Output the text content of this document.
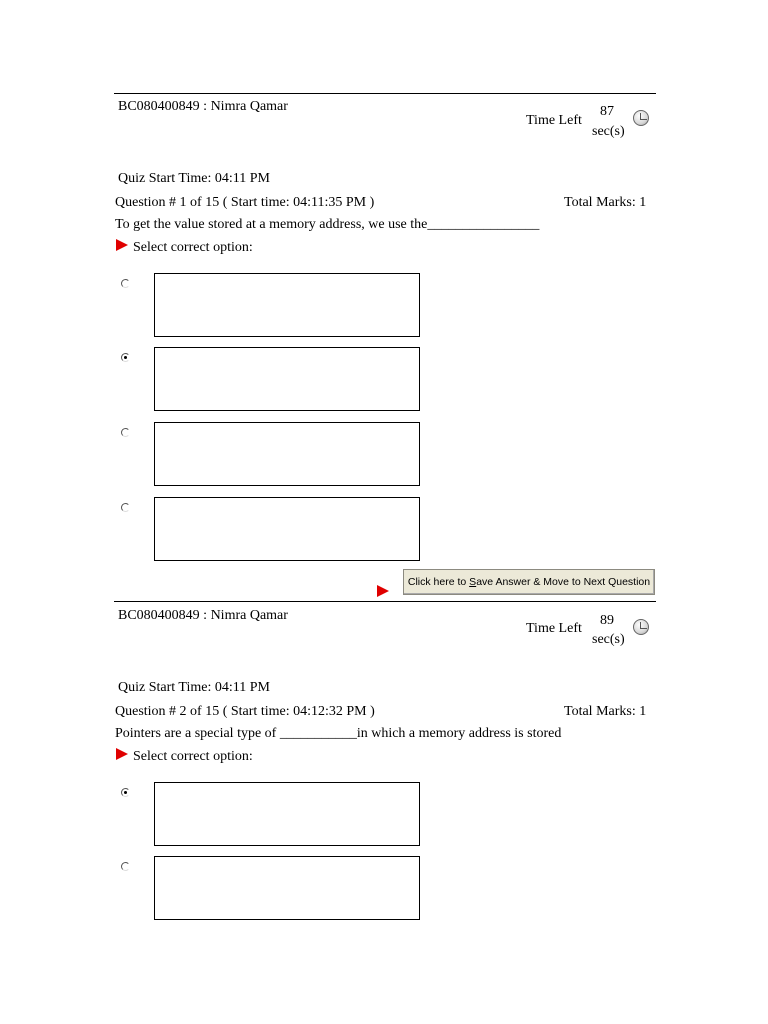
BC080400849 : Nimra Qamar
Time Left
87
sec(s)
Quiz Start Time: 04:11 PM
Question # 1 of 15 ( Start time: 04:11:35 PM )	Total Marks: 1
To get the value stored at a memory address, we use the________________
Select correct option:
Click here to Save Answer & Move to Next Question
BC080400849 : Nimra Qamar
Time Left
89
sec(s)
Quiz Start Time: 04:11 PM
Question # 2 of 15 ( Start time: 04:12:32 PM )	Total Marks: 1
Pointers are a special type of ___________in which a memory address is stored
Select correct option:
